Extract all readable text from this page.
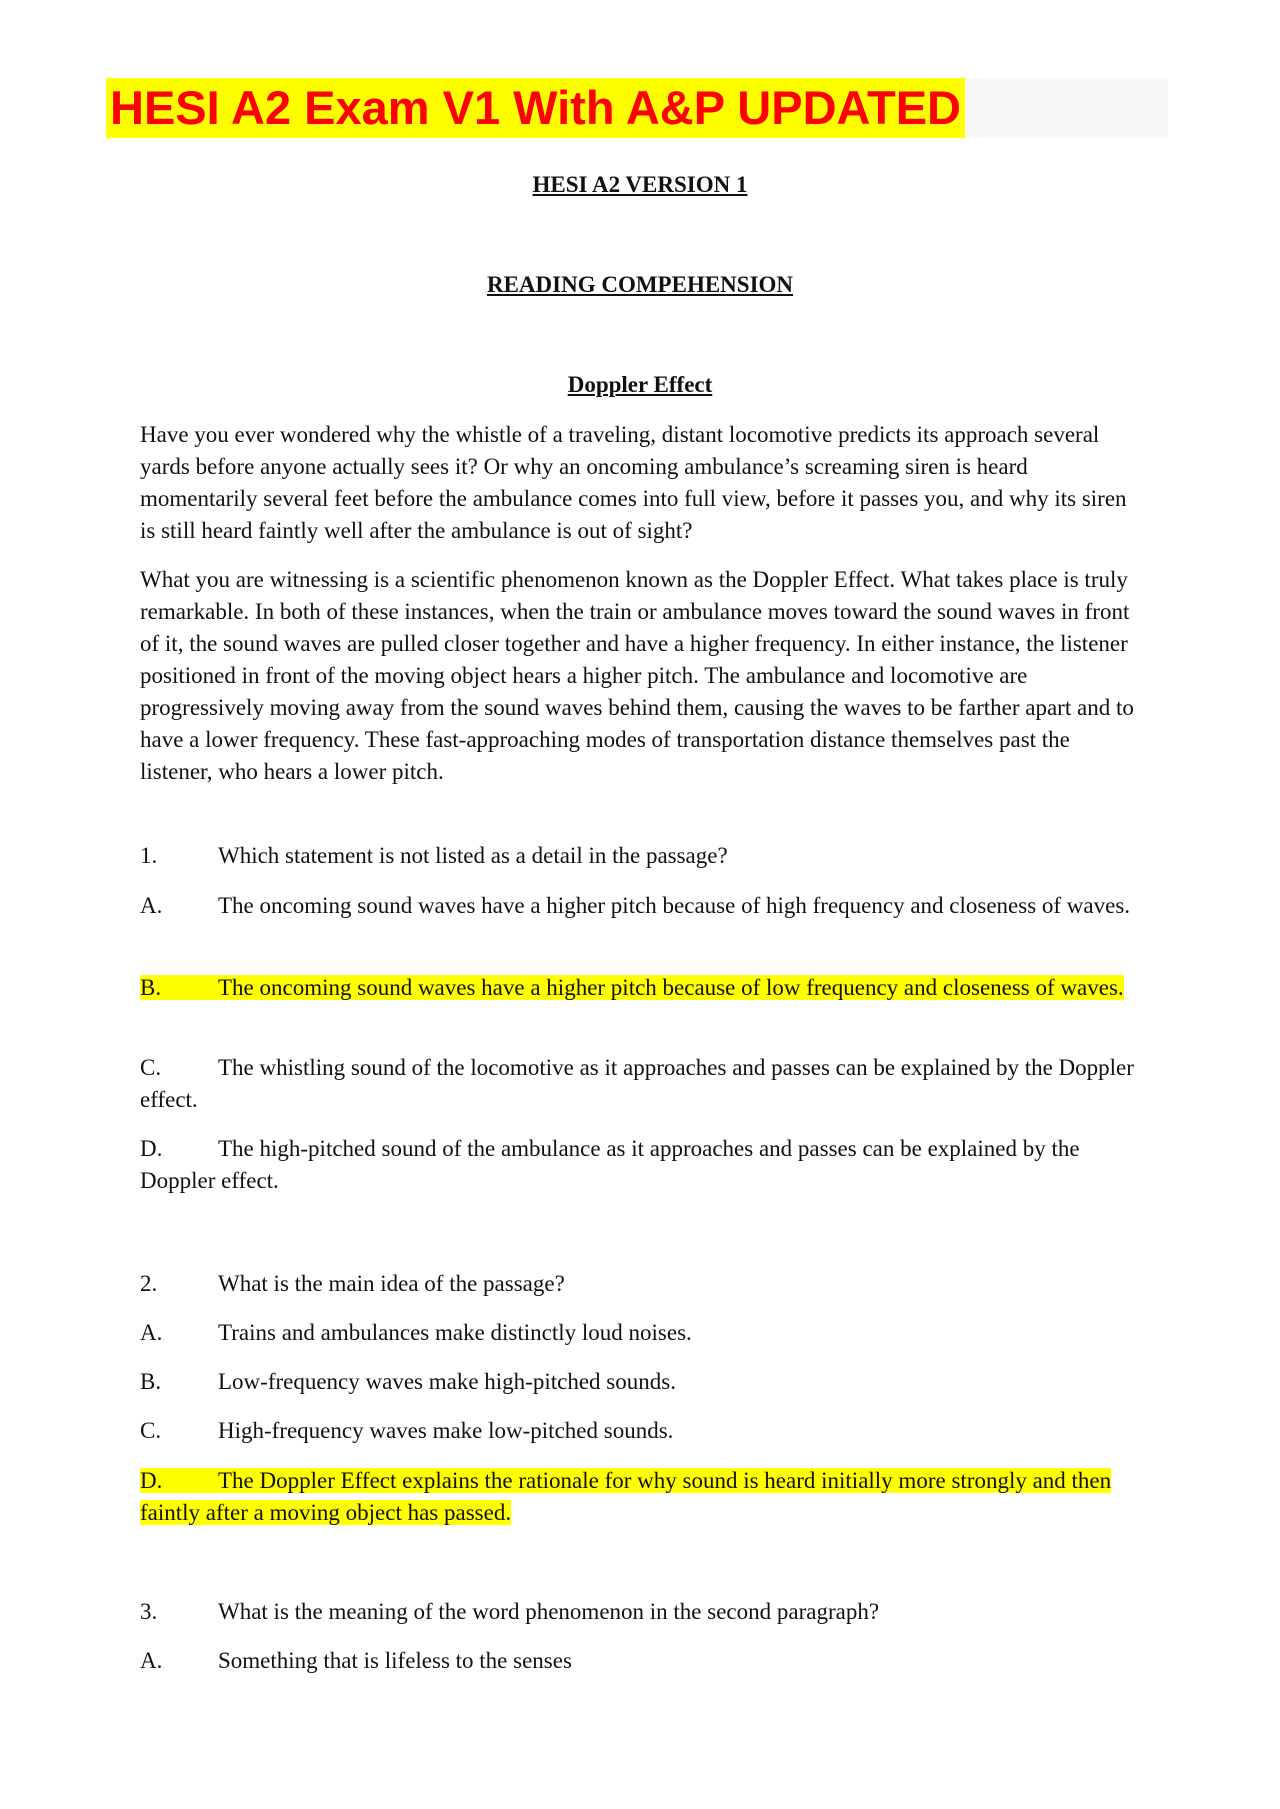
HESI A2 Exam V1 With A&P UPDATED
HESI A2 VERSION 1
READING COMPEHENSION
Doppler Effect

Have you ever wondered why the whistle of a traveling, distant locomotive predicts its approach several yards before anyone actually sees it? Or why an oncoming ambulance’s screaming siren is heard momentarily several feet before the ambulance comes into full view, before it passes you, and why its siren is still heard faintly well after the ambulance is out of sight?

What you are witnessing is a scientific phenomenon known as the Doppler Effect. What takes place is truly remarkable. In both of these instances, when the train or ambulance moves toward the sound waves in front of it, the sound waves are pulled closer together and have a higher frequency. In either instance, the listener positioned in front of the moving object hears a higher pitch. The ambulance and locomotive are progressively moving away from the sound waves behind them, causing the waves to be farther apart and to have a lower frequency. These fast-approaching modes of transportation distance themselves past the listener, who hears a lower pitch.

1.	Which statement is not listed as a detail in the passage?

A. The oncoming sound waves have a higher pitch because of high frequency and closeness of waves.

B. The oncoming sound waves have a higher pitch because of low frequency and closeness of waves.

C. The whistling sound of the locomotive as it approaches and passes can be explained by the Doppler effect.

D. The high-pitched sound of the ambulance as it approaches and passes can be explained by the Doppler effect.

2.	What is the main idea of the passage?

A. Trains and ambulances make distinctly loud noises.

B. Low-frequency waves make high-pitched sounds.

C. High-frequency waves make low-pitched sounds.

D. The Doppler Effect explains the rationale for why sound is heard initially more strongly and then faintly after a moving object has passed.

3.	What is the meaning of the word phenomenon in the second paragraph?

A. Something that is lifeless to the senses
